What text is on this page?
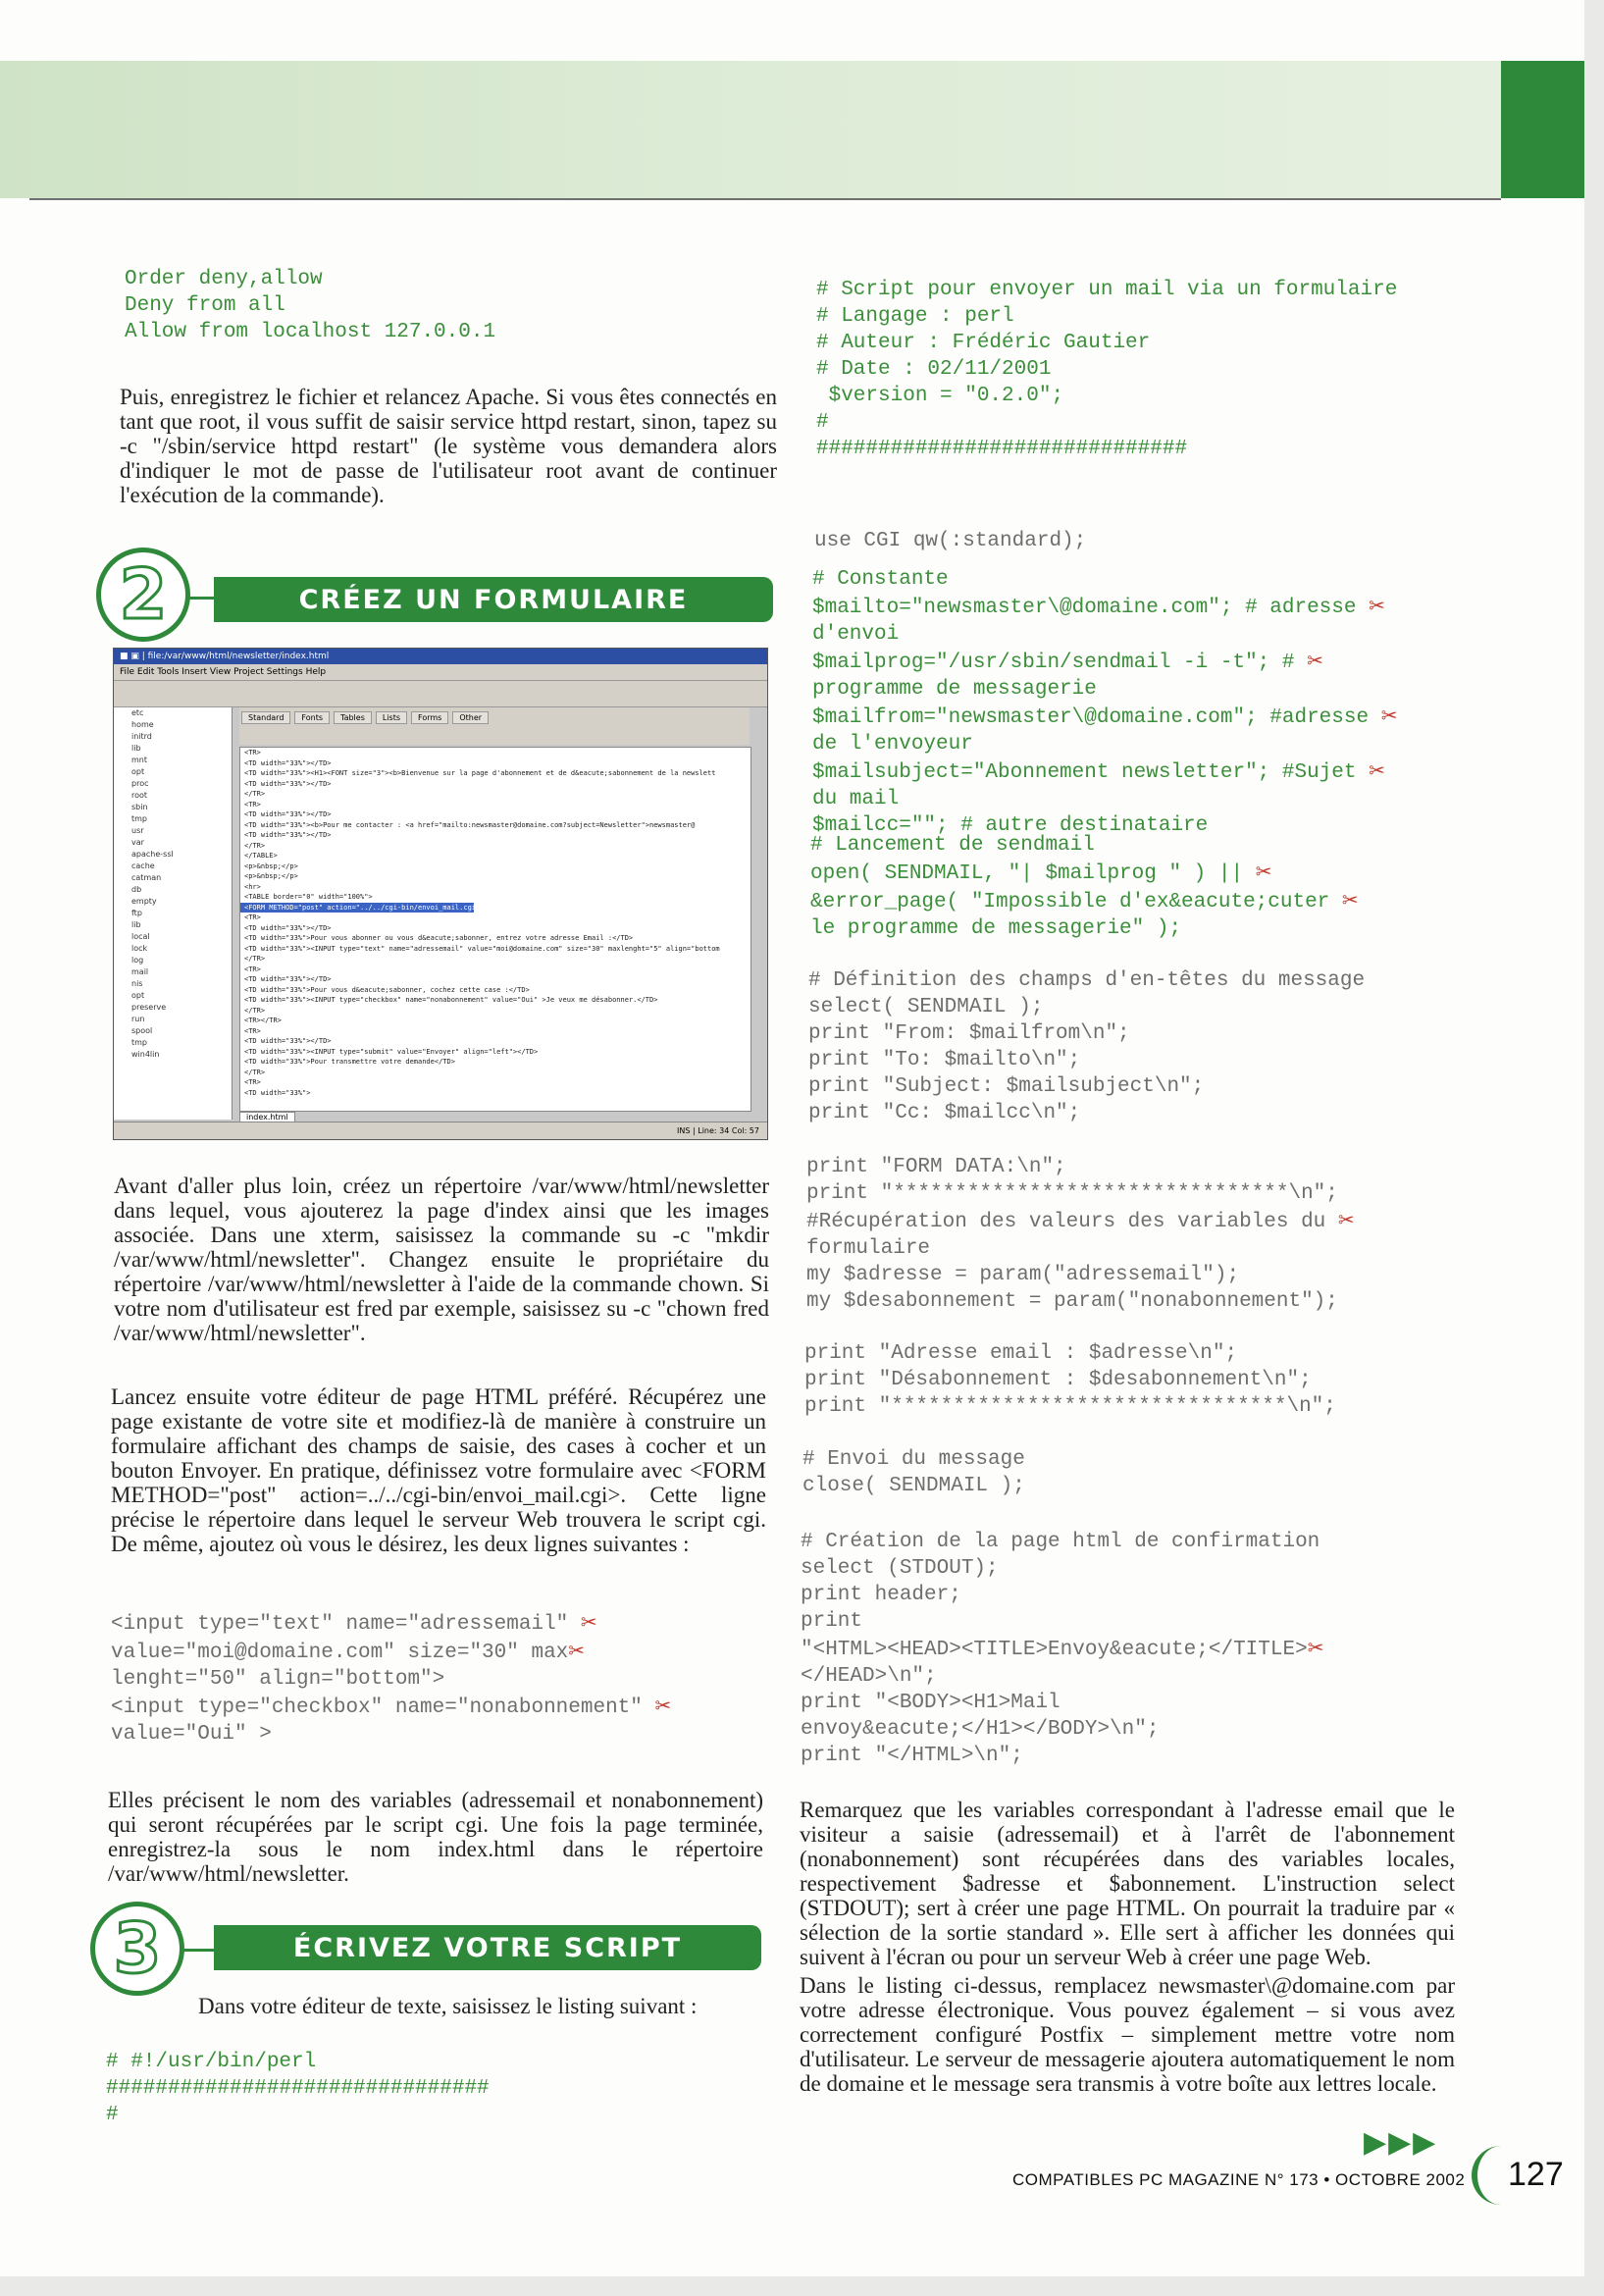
Order deny,allow
Deny from all
Allow from localhost 127.0.0.1

Puis, enregistrez le fichier et relancez Apache. Si vous êtes connectés en tant que root, il vous suffit de saisir service httpd restart, sinon, tapez su -c "/sbin/service httpd restart" (le système vous demandera alors d'indiquer le mot de passe de l'utilisateur root avant de continuer l'exécution de la commande).

2	CRÉEZ UN FORMULAIRE
■ ▣ | file:/var/www/html/newsletter/index.html
File Edit Tools Insert View Project Settings Help
etc
home
initrd
lib
mnt
opt
proc
root
sbin
tmp
usr
var
apache-ssl
cache
catman
db
empty
ftp
lib
local
lock
log
mail
nis
opt
preserve
run
spool
tmp
win4lin
Standard Fonts Tables Lists Forms Other
<TR>
<TD width="33%"></TD>
<TD width="33%"><H1><FONT size="3"><b>Bienvenue sur la page d'abonnement et de d&eacute;sabonnement de la newslett
<TD width="33%"></TD>
</TR>
<TR>
<TD width="33%"></TD>
<TD width="33%"><b>Pour me contacter : <a href="mailto:newsmaster@domaine.com?subject=Newsletter">newsmaster@
<TD width="33%"></TD>
</TR>
</TABLE>
<p>&nbsp;</p>
<p>&nbsp;</p>
<hr>
<TABLE border="0" width="100%">
<FORM METHOD="post" action="../../cgi-bin/envoi_mail.cgi">
<TR>
<TD width="33%"></TD>
<TD width="33%">Pour vous abonner ou vous d&eacute;sabonner, entrez votre adresse Email :</TD>
<TD width="33%"><INPUT type="text" name="adressemail" value="moi@domaine.com" size="30" maxlenght="5" align="bottom
</TR>
<TR>
<TD width="33%"></TD>
<TD width="33%">Pour vous d&eacute;sabonner, cochez cette case :</TD>
<TD width="33%"><INPUT type="checkbox" name="nonabonnement" value="Oui" >Je veux me désabonner.</TD>
</TR>
<TR></TR>
<TR>
<TD width="33%"></TD>
<TD width="33%"><INPUT type="submit" value="Envoyer" align="left"></TD>
<TD width="33%">Pour transmettre votre demande</TD>
</TR>
<TR>
<TD width="33%">
index.html
INS | Line: 34 Col: 57

Avant d'aller plus loin, créez un répertoire /var/www/html/newsletter dans lequel, vous ajouterez la page d'index ainsi que les images associée. Dans une xterm, saisissez la commande su -c "mkdir /var/www/html/newsletter". Changez ensuite le propriétaire du répertoire /var/www/html/newsletter à l'aide de la commande chown. Si votre nom d'utilisateur est fred par exemple, saisissez su -c "chown fred /var/www/html/newsletter".

Lancez ensuite votre éditeur de page HTML préféré. Récupérez une page existante de votre site et modifiez-là de manière à construire un formulaire affichant des champs de saisie, des cases à cocher et un bouton Envoyer. En pratique, définissez votre formulaire avec <FORM METHOD="post" action=../../cgi-bin/envoi_mail.cgi>. Cette ligne précise le répertoire dans lequel le serveur Web trouvera le script cgi. De même, ajoutez où vous le désirez, les deux lignes suivantes :

<input type="text" name="adressemail" ✂
value="moi@domaine.com" size="30" max✂
lenght="50" align="bottom">
<input type="checkbox" name="nonabonnement" ✂
value="Oui" >

Elles précisent le nom des variables (adressemail et nonabonnement) qui seront récupérées par le script cgi. Une fois la page terminée, enregistrez-la sous le nom index.html dans le répertoire /var/www/html/newsletter.

3	ÉCRIVEZ VOTRE SCRIPT

Dans votre éditeur de texte, saisissez le listing suivant :

# #!/usr/bin/perl
###############################
#
# Script pour envoyer un mail via un formulaire
# Langage : perl
# Auteur : Frédéric Gautier
# Date : 02/11/2001
$version = "0.2.0";
#
##############################
use CGI qw(:standard);

# Constante
$mailto="newsmaster\@domaine.com"; # adresse ✂
d'envoi
$mailprog="/usr/sbin/sendmail -i -t"; # ✂
programme de messagerie
$mailfrom="newsmaster\@domaine.com"; #adresse ✂
de l'envoyeur
$mailsubject="Abonnement newsletter"; #Sujet ✂
du mail
$mailcc=""; # autre destinataire
# Lancement de sendmail
open( SENDMAIL, "| $mailprog " ) || ✂
&error_page( "Impossible d'ex&eacute;cuter ✂
le programme de messagerie" );
# Définition des champs d'en-têtes du message
select( SENDMAIL );
print "From: $mailfrom\n";
print "To: $mailto\n";
print "Subject: $mailsubject\n";
print "Cc: $mailcc\n";
print "FORM DATA:\n";
print "********************************\n";
#Récupération des valeurs des variables du ✂
formulaire
my $adresse = param("adressemail");
my $desabonnement = param("nonabonnement");
print "Adresse email : $adresse\n";
print "Désabonnement : $desabonnement\n";
print "********************************\n";
# Envoi du message
close( SENDMAIL );
# Création de la page html de confirmation
select (STDOUT);
print header;
print
"<HTML><HEAD><TITLE>Envoy&eacute;</TITLE>✂
</HEAD>\n";
print "<BODY><H1>Mail
envoy&eacute;</H1></BODY>\n";
print "</HTML>\n";

Remarquez que les variables correspondant à l'adresse email que le visiteur a saisie (adressemail) et à l'arrêt de l'abonnement (nonabonnement) sont récupérées dans des variables locales, respectivement $adresse et $abonnement. L'instruction select (STDOUT); sert à créer une page HTML. On pourrait la traduire par « sélection de la sortie standard ». Elle sert à afficher les données qui suivent à l'écran ou pour un serveur Web à créer une page Web.

Dans le listing ci-dessus, remplacez newsmaster\@domaine.com par votre adresse électronique. Vous pouvez également – si vous avez correctement configuré Postfix – simplement mettre votre nom d'utilisateur. Le serveur de messagerie ajoutera automatiquement le nom de domaine et le message sera transmis à votre boîte aux lettres locale.

▶▶▶
COMPATIBLES PC MAGAZINE N° 173 • OCTOBRE 2002 127
